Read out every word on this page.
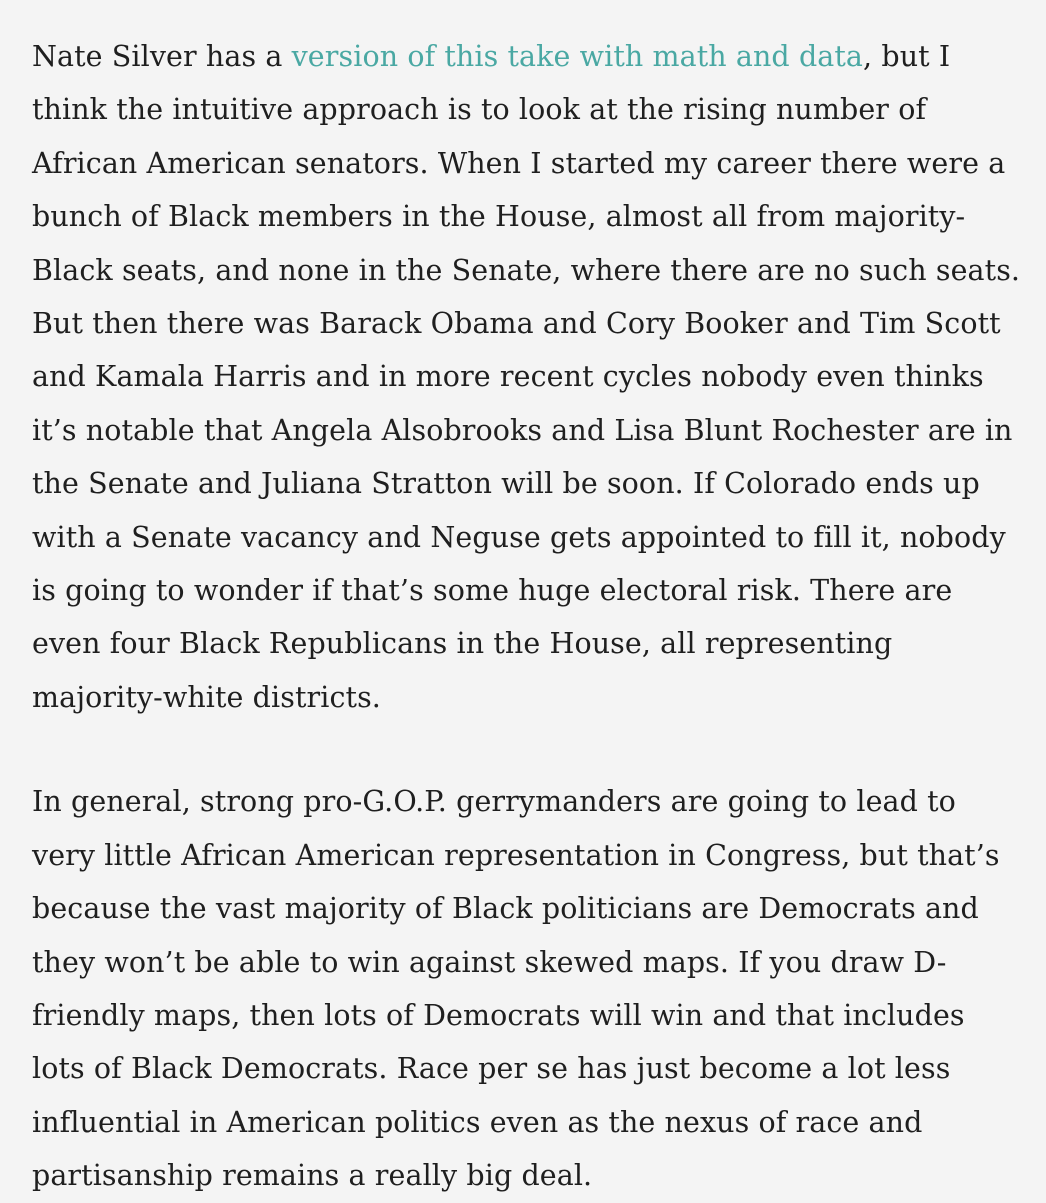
Nate Silver has a version of this take with math and data, but I
think the intuitive approach is to look at the rising number of
African American senators. When I started my career there were a
bunch of Black members in the House, almost all from majority-
Black seats, and none in the Senate, where there are no such seats.
But then there was Barack Obama and Cory Booker and Tim Scott
and Kamala Harris and in more recent cycles nobody even thinks
it’s notable that Angela Alsobrooks and Lisa Blunt Rochester are in
the Senate and Juliana Stratton will be soon. If Colorado ends up
with a Senate vacancy and Neguse gets appointed to fill it, nobody
is going to wonder if that’s some huge electoral risk. There are
even four Black Republicans in the House, all representing
majority-white districts.

In general, strong pro-G.O.P. gerrymanders are going to lead to
very little African American representation in Congress, but that’s
because the vast majority of Black politicians are Democrats and
they won’t be able to win against skewed maps. If you draw D-
friendly maps, then lots of Democrats will win and that includes
lots of Black Democrats. Race per se has just become a lot less
influential in American politics even as the nexus of race and
partisanship remains a really big deal.
